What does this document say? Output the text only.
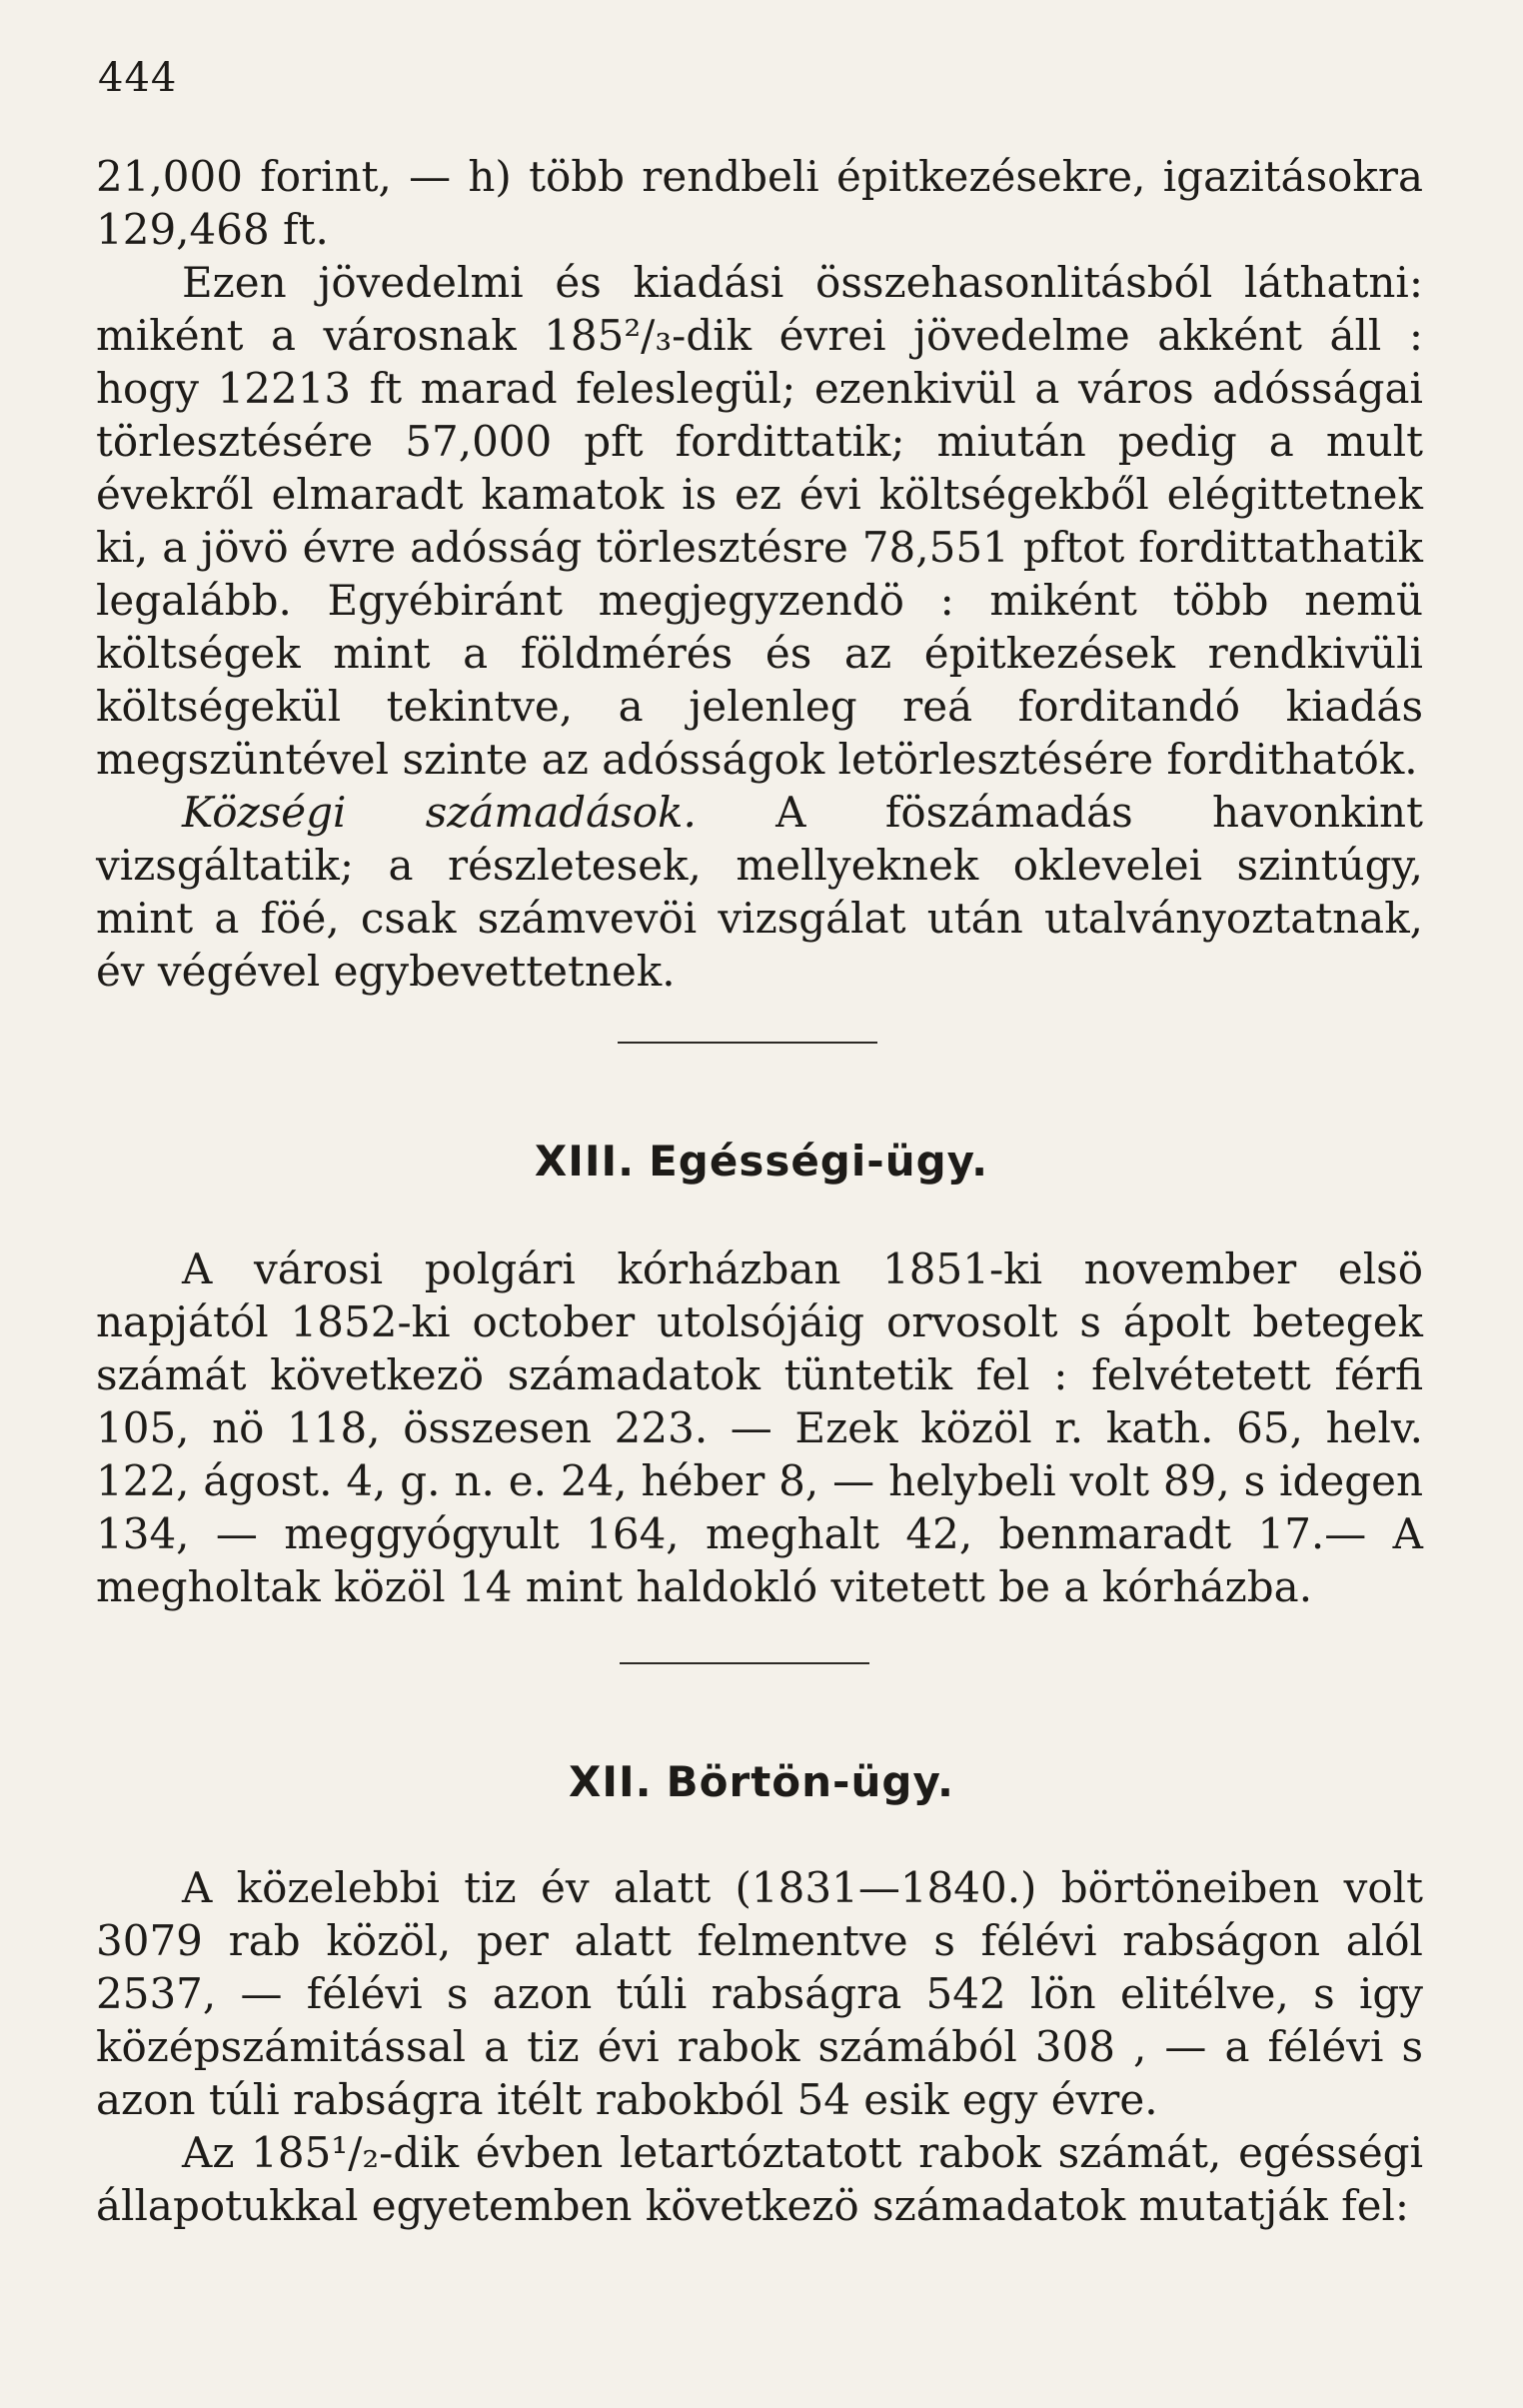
444

21,000 forint, — h) több rendbeli épitkezésekre, igazitásokra 129,468 ft.

Ezen jövedelmi és kiadási összehasonlitásból láthatni: miként a városnak 185²/₃-dik évrei jövedelme akként áll : hogy 12213 ft marad feleslegül; ezenkivül a város adósságai törlesztésére 57,000 pft fordittatik; miután pedig a mult évekről elmaradt kamatok is ez évi költségekből elégittetnek ki, a jövö évre adósság törlesztésre 78,551 pftot fordittathatik legalább. Egyébiránt megjegyzendö : miként több nemü költségek mint a földmérés és az épitkezések rendkivüli költségekül tekintve, a jelenleg reá forditandó kiadás megszüntével szinte az adósságok letörlesztésére fordithatók.

Községi számadások. A föszámadás havonkint vizsgáltatik; a részletesek, mellyeknek oklevelei szintúgy, mint a föé, csak számvevöi vizsgálat után utalványoztatnak, év végével egybevettetnek.

XIII. Egésségi-ügy.

A városi polgári kórházban 1851-ki november elsö napjától 1852-ki october utolsójáig orvosolt s ápolt betegek számát következö számadatok tüntetik fel : felvétetett férfi 105, nö 118, összesen 223. — Ezek közöl r. kath. 65, helv. 122, ágost. 4, g. n. e. 24, héber 8, — helybeli volt 89, s idegen 134, — meggyógyult 164, meghalt 42, benmaradt 17.— A megholtak közöl 14 mint haldokló vitetett be a kórházba.

XII. Börtön-ügy.

A közelebbi tiz év alatt (1831—1840.) börtöneiben volt 3079 rab közöl, per alatt felmentve s félévi rabságon alól 2537, — félévi s azon túli rabságra 542 lön elitélve, s igy középszámitással a tiz évi rabok számából 308 , — a félévi s azon túli rabságra itélt rabokból 54 esik egy évre.

Az 185¹/₂-dik évben letartóztatott rabok számát, egésségi állapotukkal egyetemben következö számadatok mutatják fel:
